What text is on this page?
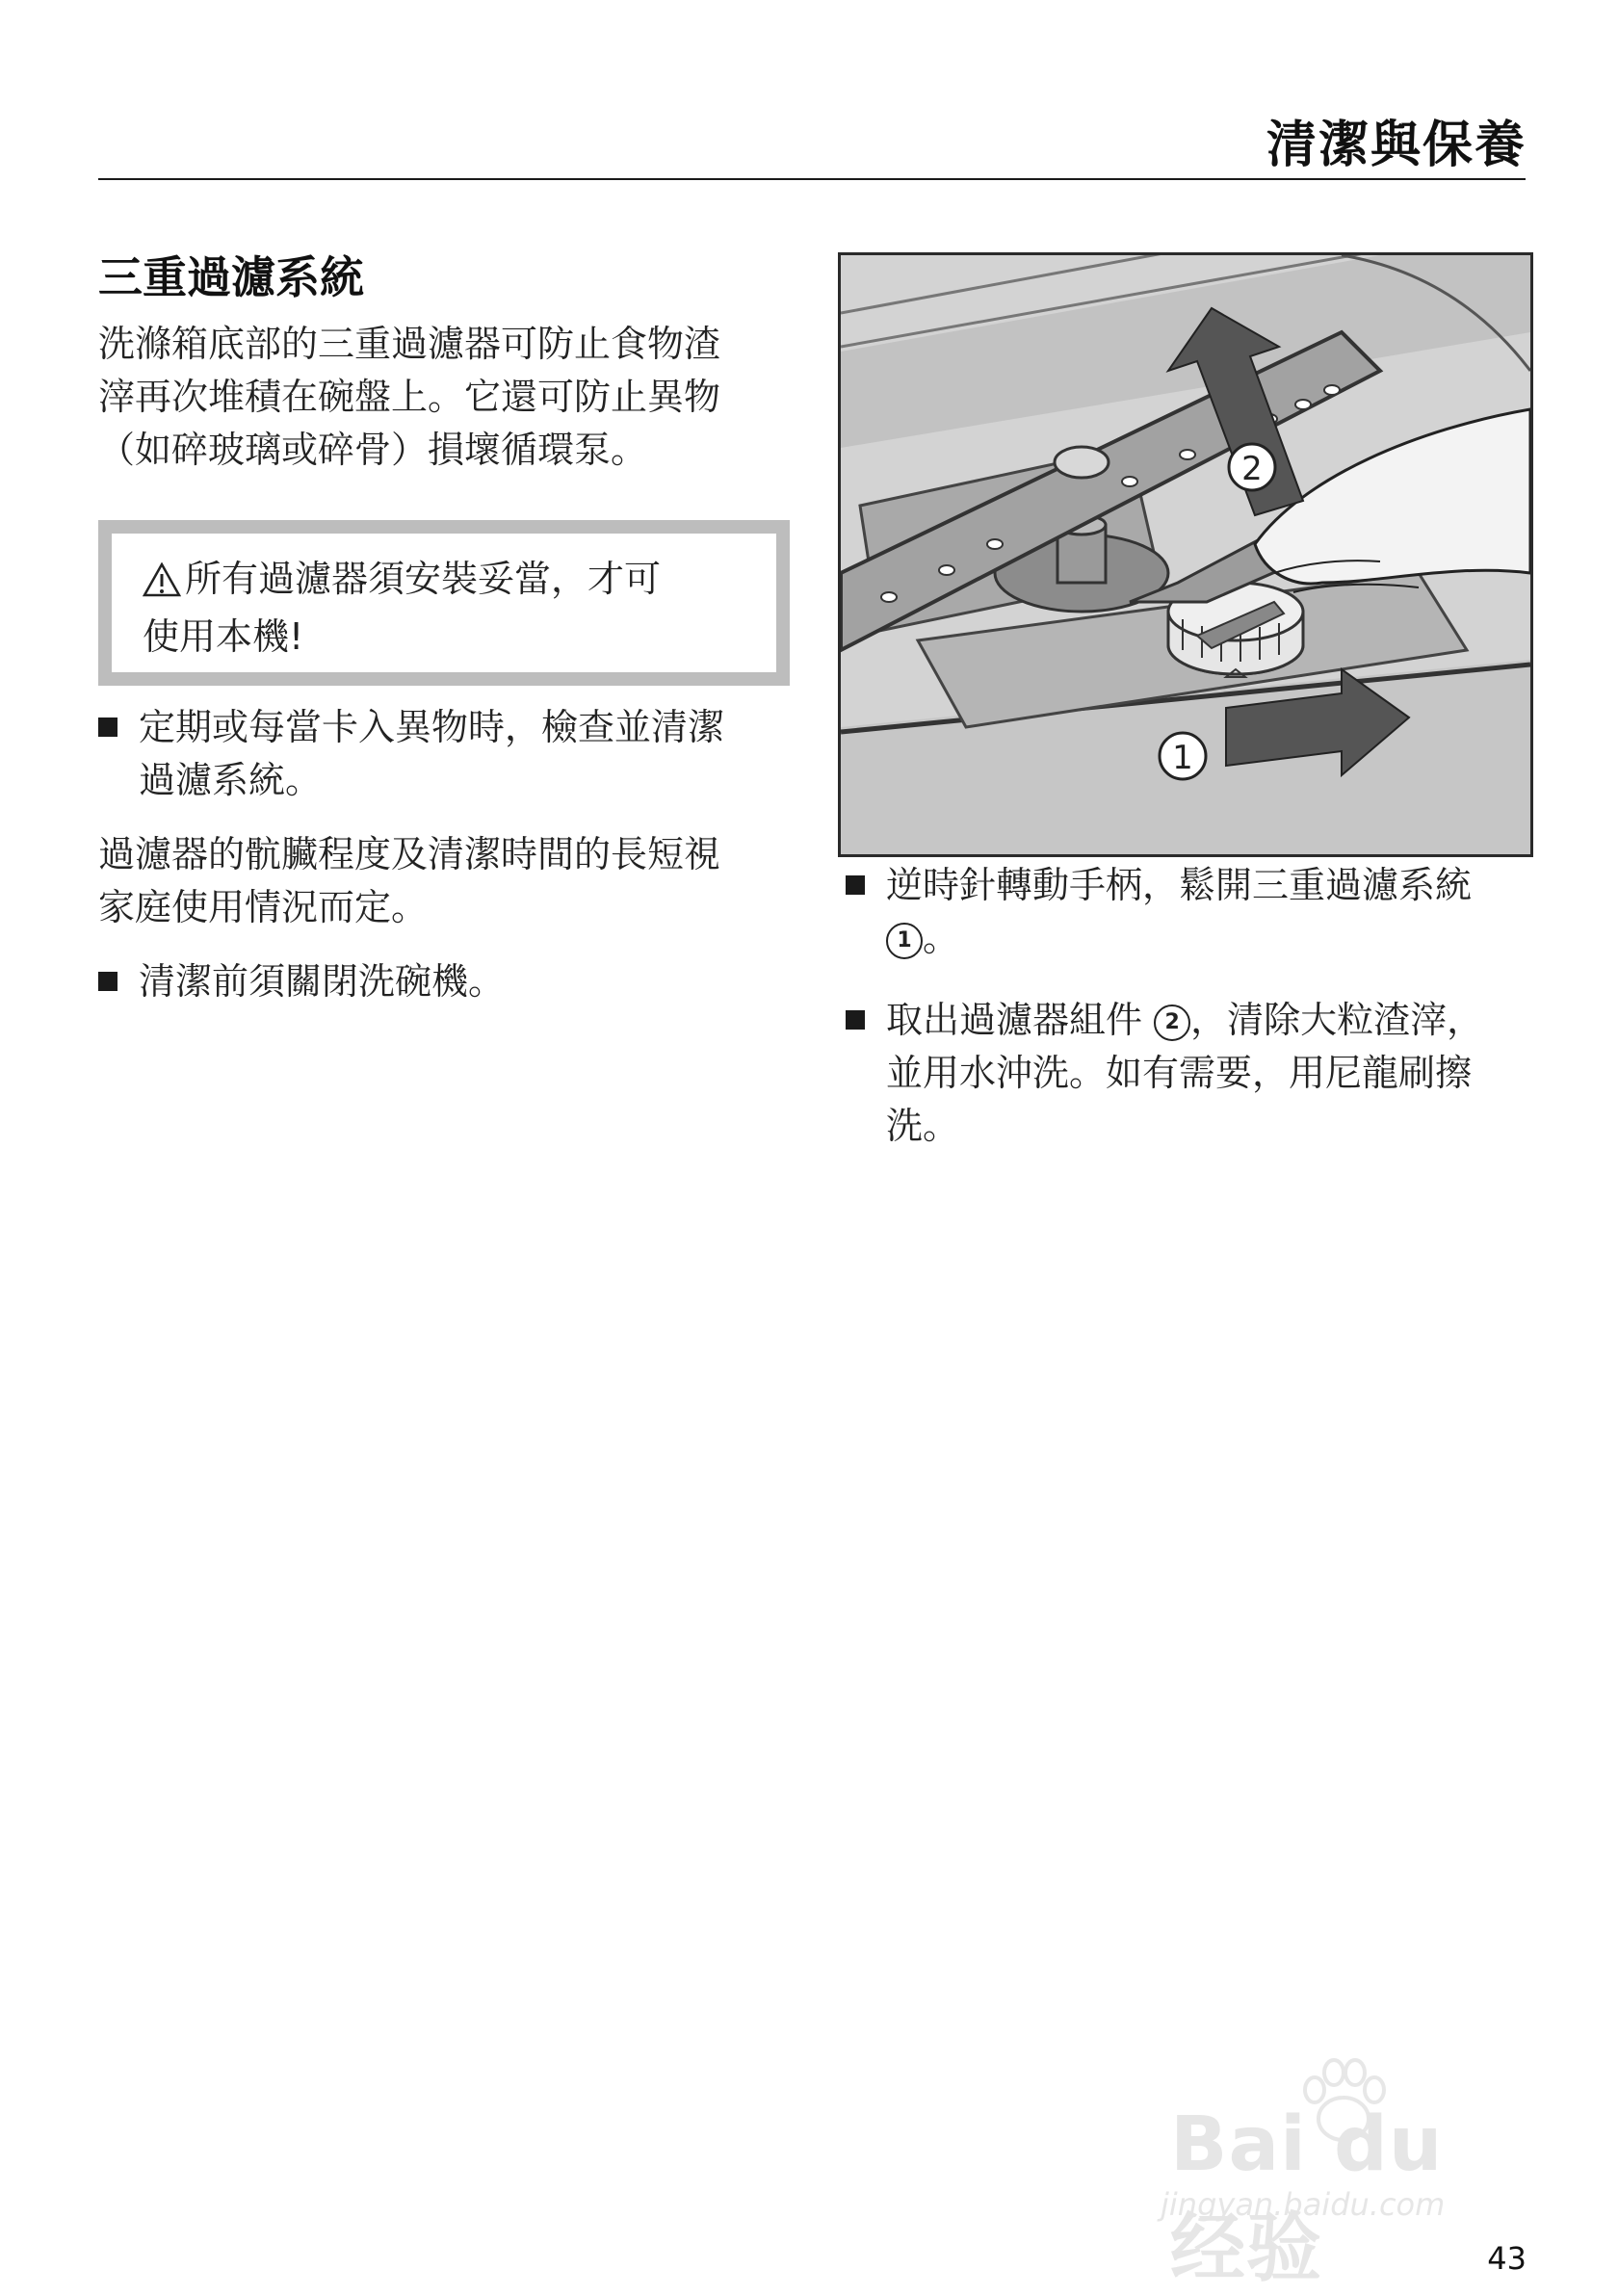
清潔與保養
三重過濾系統
洗滌箱底部的三重過濾器可防止食物渣
滓再次堆積在碗盤上。它還可防止異物
（如碎玻璃或碎骨）損壞循環泵。
所有過濾器須安裝妥當，才可
使用本機!
定期或每當卡入異物時，檢查並清潔
過濾系統。
過濾器的骯臟程度及清潔時間的長短視
家庭使用情況而定。
清潔前須關閉洗碗機。
2
1
逆時針轉動手柄，鬆開三重過濾系統
1 。
取出過濾器組件 2 ，清除大粒渣滓，
並用水沖洗。如有需要，用尼龍刷擦
洗。
Bai du 经验
jingyan.baidu.com
43
